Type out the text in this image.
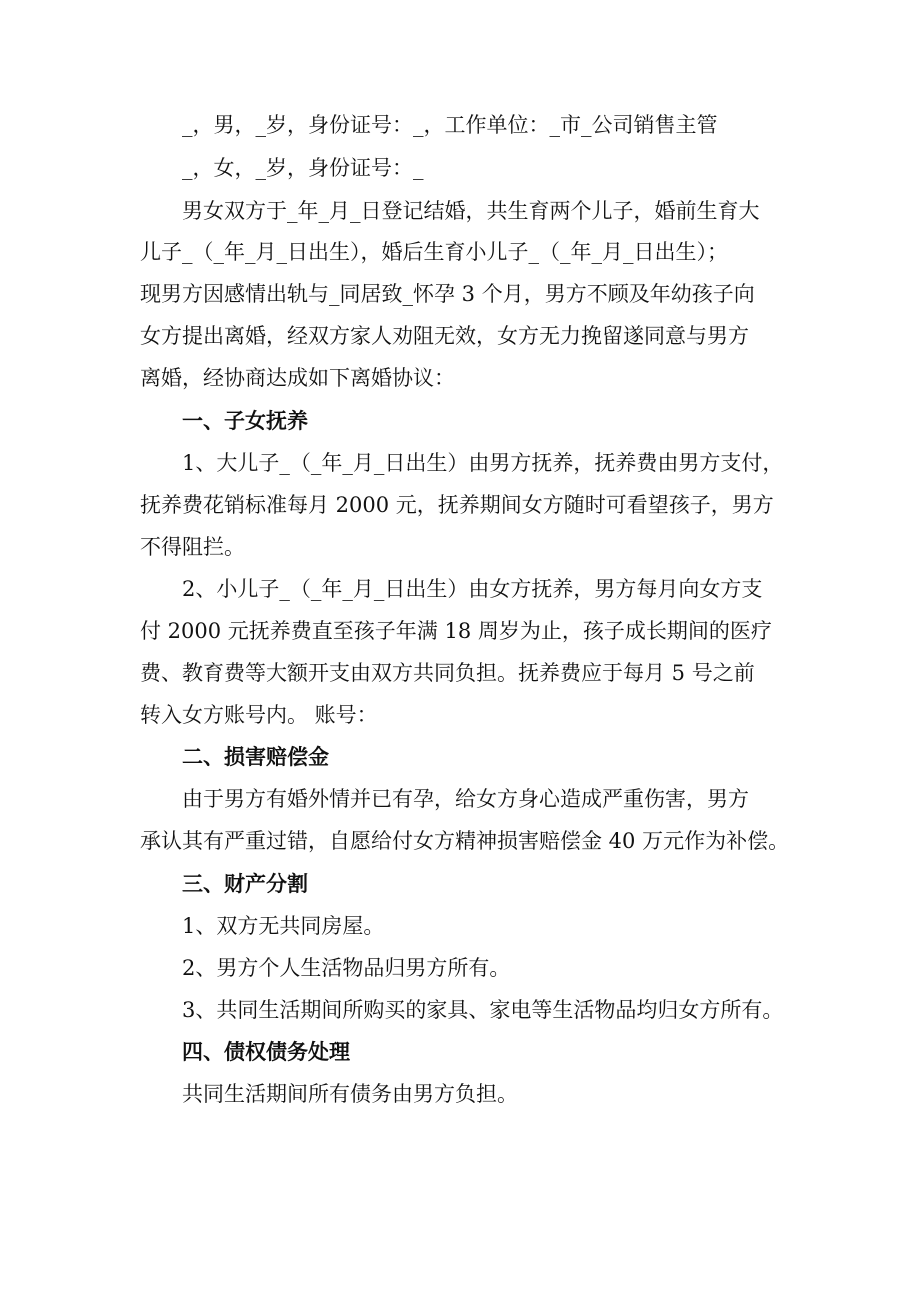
_，男，_岁，身份证号：_，工作单位：_市_公司销售主管
_，女，_岁，身份证号：_
男女双方于_年_月_日登记结婚，共生育两个儿子，婚前生育大
儿子_（_年_月_日出生），婚后生育小儿子_（_年_月_日出生）；
现男方因感情出轨与_同居致_怀孕 3 个月，男方不顾及年幼孩子向
女方提出离婚，经双方家人劝阻无效，女方无力挽留遂同意与男方
离婚，经协商达成如下离婚协议：
一、子女抚养
1、大儿子_（_年_月_日出生）由男方抚养，抚养费由男方支付，
抚养费花销标准每月 2000 元，抚养期间女方随时可看望孩子，男方
不得阻拦。
2、小儿子_（_年_月_日出生）由女方抚养，男方每月向女方支
付 2000 元抚养费直至孩子年满 18 周岁为止，孩子成长期间的医疗
费、教育费等大额开支由双方共同负担。抚养费应于每月 5 号之前
转入女方账号内。 账号：
二、损害赔偿金
由于男方有婚外情并已有孕，给女方身心造成严重伤害，男方
承认其有严重过错，自愿给付女方精神损害赔偿金 40 万元作为补偿。
三、财产分割
1、双方无共同房屋。
2、男方个人生活物品归男方所有。
3、共同生活期间所购买的家具、家电等生活物品均归女方所有。
四、债权债务处理
共同生活期间所有债务由男方负担。
